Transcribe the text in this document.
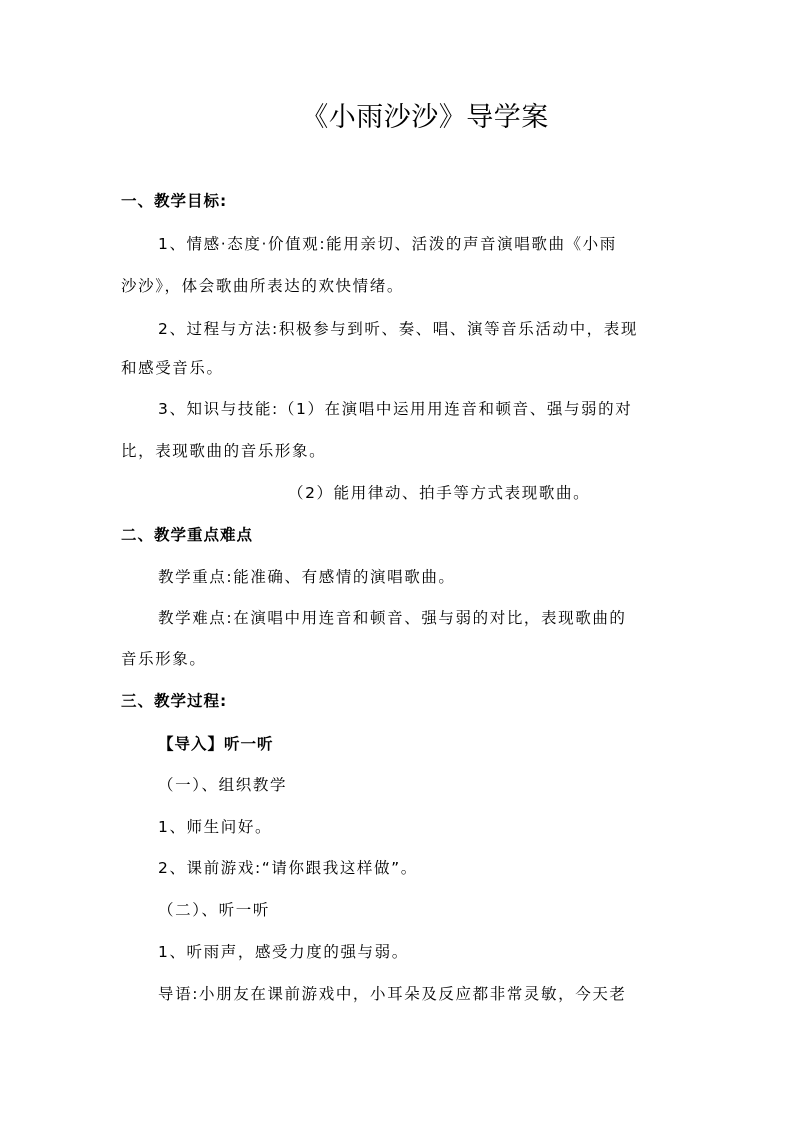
《小雨沙沙》导学案

一、教学目标:

1、情感·态度·价值观:能用亲切、活泼的声音演唱歌曲《小雨

沙沙》，体会歌曲所表达的欢快情绪。

2、过程与方法:积极参与到听、奏、唱、演等音乐活动中，表现

和感受音乐。

3、知识与技能:（1）在演唱中运用用连音和顿音、强与弱的对

比，表现歌曲的音乐形象。

（2）能用律动、拍手等方式表现歌曲。

二、教学重点难点

教学重点:能准确、有感情的演唱歌曲。

教学难点:在演唱中用连音和顿音、强与弱的对比，表现歌曲的

音乐形象。

三、教学过程:

【导入】听一听

（一）、组织教学

1、师生问好。

2、课前游戏:“请你跟我这样做”。

（二）、听一听

1、听雨声，感受力度的强与弱。

导语:小朋友在课前游戏中，小耳朵及反应都非常灵敏，今天老
